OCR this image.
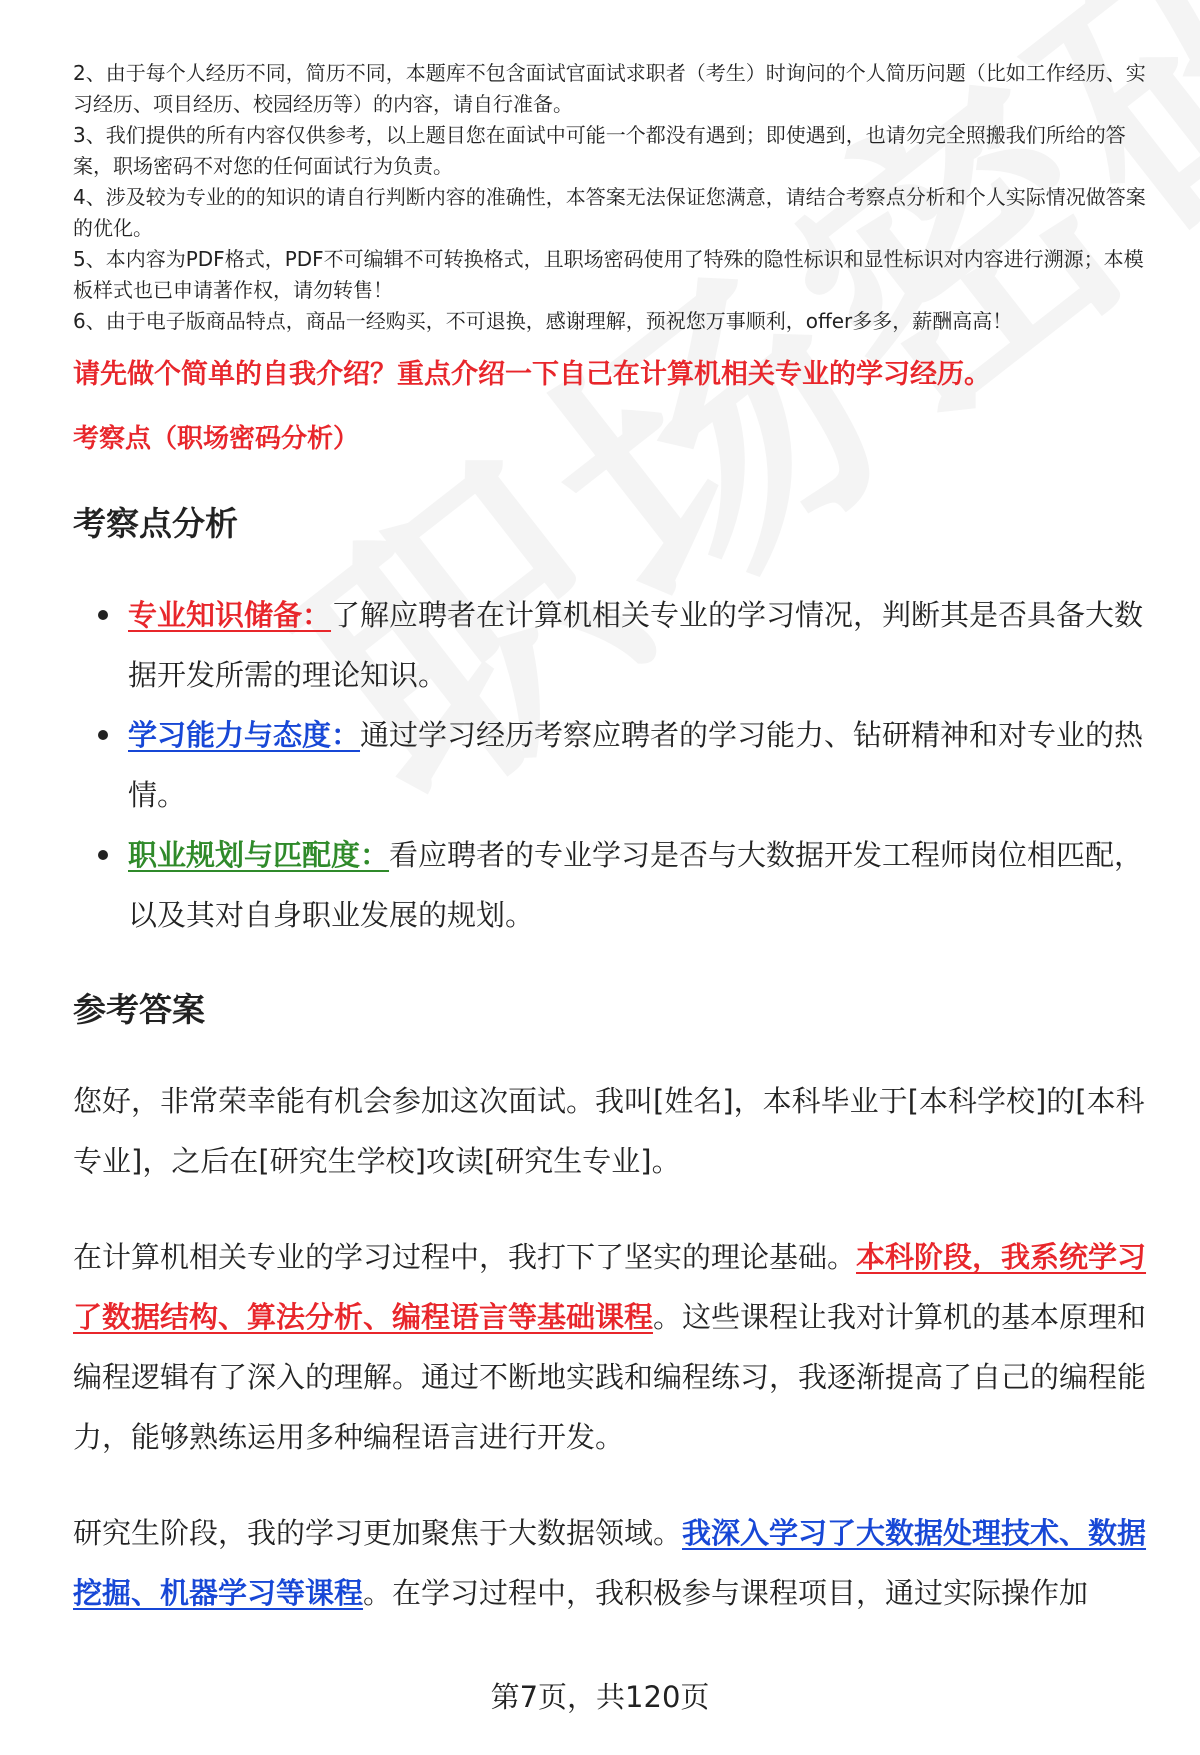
2、由于每个人经历不同，简历不同，本题库不包含面试官面试求职者（考生）时询问的个人简历问题（比如工作经历、实习经历、项目经历、校园经历等）的内容，请自行准备。
3、我们提供的所有内容仅供参考，以上题目您在面试中可能一个都没有遇到；即使遇到，也请勿完全照搬我们所给的答案，职场密码不对您的任何面试行为负责。
4、涉及较为专业的的知识的请自行判断内容的准确性，本答案无法保证您满意，请结合考察点分析和个人实际情况做答案的优化。
5、本内容为PDF格式，PDF不可编辑不可转换格式，且职场密码使用了特殊的隐性标识和显性标识对内容进行溯源；本模板样式也已申请著作权，请勿转售！
6、由于电子版商品特点，商品一经购买，不可退换，感谢理解，预祝您万事顺利，offer多多，薪酬高高！
请先做个简单的自我介绍？重点介绍一下自己在计算机相关专业的学习经历。
考察点（职场密码分析）
考察点分析
专业知识储备：了解应聘者在计算机相关专业的学习情况，判断其是否具备大数据开发所需的理论知识。
学习能力与态度：通过学习经历考察应聘者的学习能力、钻研精神和对专业的热情。
职业规划与匹配度：看应聘者的专业学习是否与大数据开发工程师岗位相匹配，以及其对自身职业发展的规划。
参考答案

您好，非常荣幸能有机会参加这次面试。我叫[姓名]，本科毕业于[本科学校]的[本科专业]，之后在[研究生学校]攻读[研究生专业]。

在计算机相关专业的学习过程中，我打下了坚实的理论基础。本科阶段，我系统学习了数据结构、算法分析、编程语言等基础课程。这些课程让我对计算机的基本原理和编程逻辑有了深入的理解。通过不断地实践和编程练习，我逐渐提高了自己的编程能力，能够熟练运用多种编程语言进行开发。

研究生阶段，我的学习更加聚焦于大数据领域。我深入学习了大数据处理技术、数据挖掘、机器学习等课程。在学习过程中，我积极参与课程项目，通过实际操作加

第7页，共120页
